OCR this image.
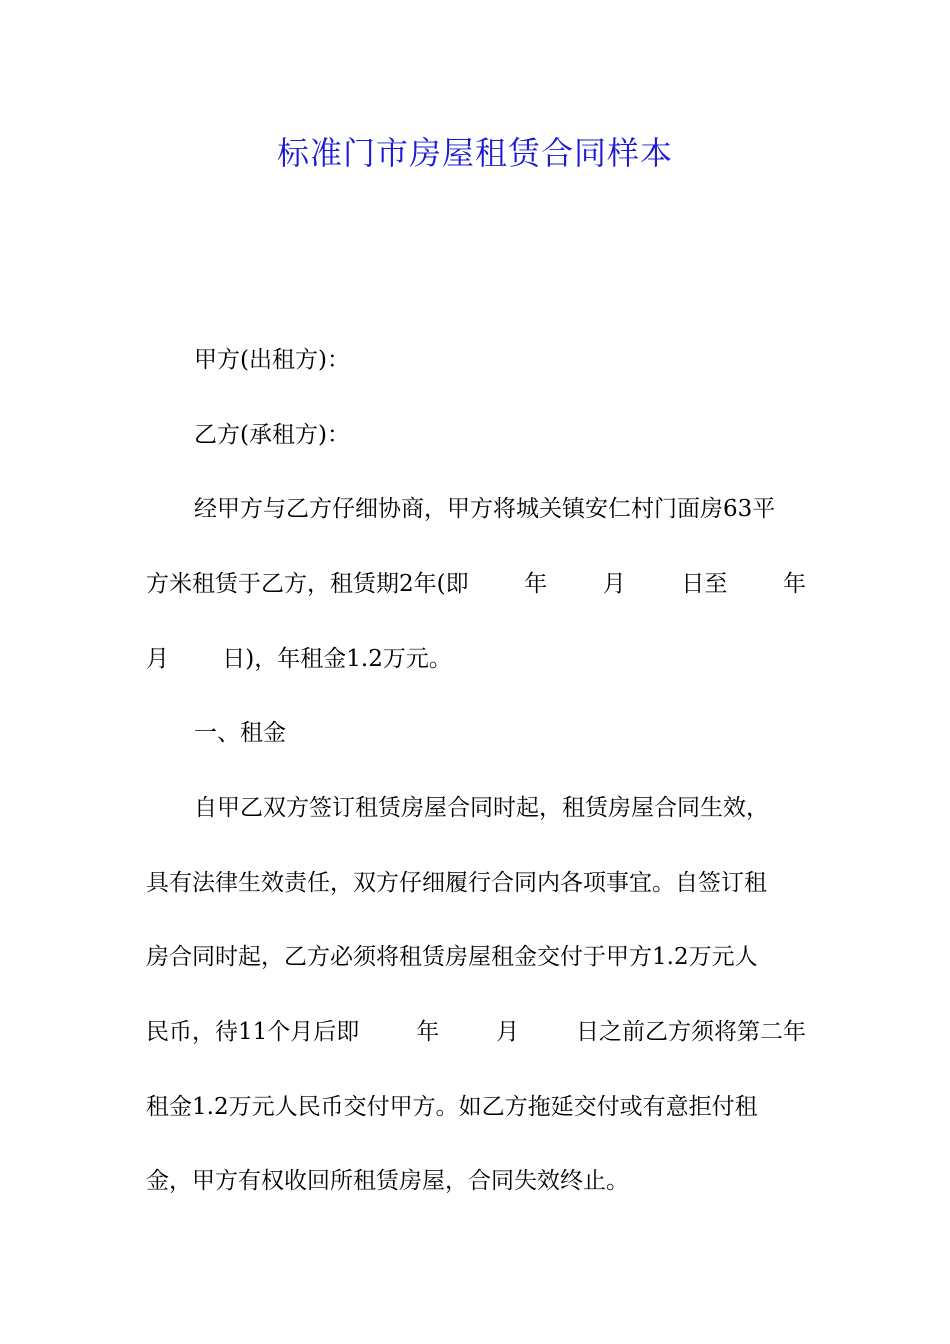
标准门市房屋租赁合同样本

甲方(出租方)：

乙方(承租方)：

经甲方与乙方仔细协商，甲方将城关镇安仁村门面房63平

方米租赁于乙方，租赁期2年(即 年 月 日至 年

月　　 日)，年租金1.2万元。

一、租金

自甲乙双方签订租赁房屋合同时起，租赁房屋合同生效，

具有法律生效责任，双方仔细履行合同内各项事宜。自签订租

房合同时起，乙方必须将租赁房屋租金交付于甲方1.2万元人

民币，待11个月后即 年 月 日之前乙方须将第二年

租金1.2万元人民币交付甲方。如乙方拖延交付或有意拒付租

金，甲方有权收回所租赁房屋，合同失效终止。
